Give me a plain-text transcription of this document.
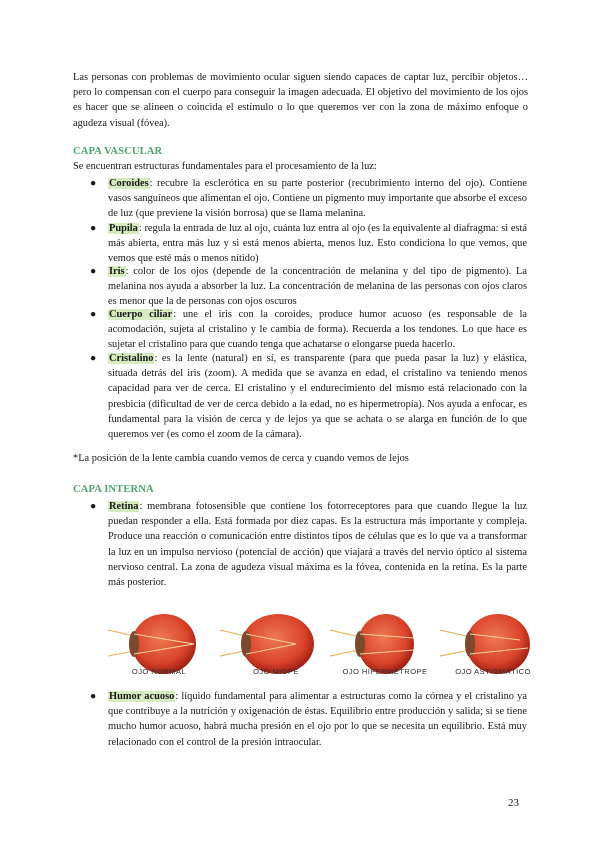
Las personas con problemas de movimiento ocular siguen siendo capaces de captar luz, percibir objetos…pero lo compensan con el cuerpo para conseguir la imagen adecuada. El objetivo del movimiento de los ojos es hacer que se alineen o coincida el estímulo o lo que queremos ver con la zona de máximo enfoque o agudeza visual (fóvea).
CAPA VASCULAR
Se encuentran estructuras fundamentales para el procesamiento de la luz:
● Coroides: recubre la esclerótica en su parte posterior (recubrimiento interno del ojo). Contiene vasos sanguíneos que alimentan el ojo. Contiene un pigmento muy importante que absorbe el exceso de luz (que previene la visión borrosa) que se llama melanina.
● Pupila: regula la entrada de luz al ojo, cuánta luz entra al ojo (es la equivalente al diafragma: si está más abierta, entra más luz y si está menos abierta, menos luz. Esto condiciona lo que vemos, que vemos que esté más o menos nítido)
● Iris: color de los ojos (depende de la concentración de melanina y del tipo de pigmento). La melanina nos ayuda a absorber la luz. La concentración de melanina de las personas con ojos claros es menor que la de personas con ojos oscuros
● Cuerpo ciliar: une el iris con la coroides, produce humor acuoso (es responsable de la acomodación, sujeta al cristalino y le cambia de forma). Recuerda a los tendones. Lo que hace es sujetar el cristalino para que cuando tenga que achatarse o elongarse pueda hacerlo.
● Cristalino: es la lente (natural) en sí, es transparente (para que pueda pasar la luz) y elástica, situada detrás del iris (zoom). A medida que se avanza en edad, el cristalino va teniendo menos capacidad para ver de cerca. El cristalino y el endurecimiento del mismo está relacionado con la presbicia (dificultad de ver de cerca debido a la edad, no es hipermetropía). Nos ayuda a enfocar, es fundamental para la visión de cerca y de lejos ya que se achata o se alarga en función de lo que queremos ver (es como el zoom de la cámara).
*La posición de la lente cambia cuando vemos de cerca y cuando vemos de lejos
CAPA INTERNA
● Retina: membrana fotosensible que contiene los fotorreceptores para que cuando llegue la luz puedan responder a ella. Está formada por diez capas. Es la estructura más importante y compleja. Produce una reacción o comunicación entre distintos tipos de células que es lo que va a transformar la luz en un impulso nervioso (potencial de acción) que viajará a través del nervio óptico al sistema nervioso central. La zona de agudeza visual máxima es la fóvea, contenida en la retina. Es la parte más posterior.
OJO NORMAL	OJO MIOPE	OJO HIPERMÉTROPE	OJO ASTIGMÁTICO
● Humor acuoso: líquido fundamental para alimentar a estructuras como la córnea y el cristalino ya que contribuye a la nutrición y oxigenación de éstas. Equilibrio entre producción y salida; si se tiene mucho humor acuoso, habrá mucha presión en el ojo por lo que se necesita un equilibrio. Está muy relacionado con el control de la presión intraocular.
23
